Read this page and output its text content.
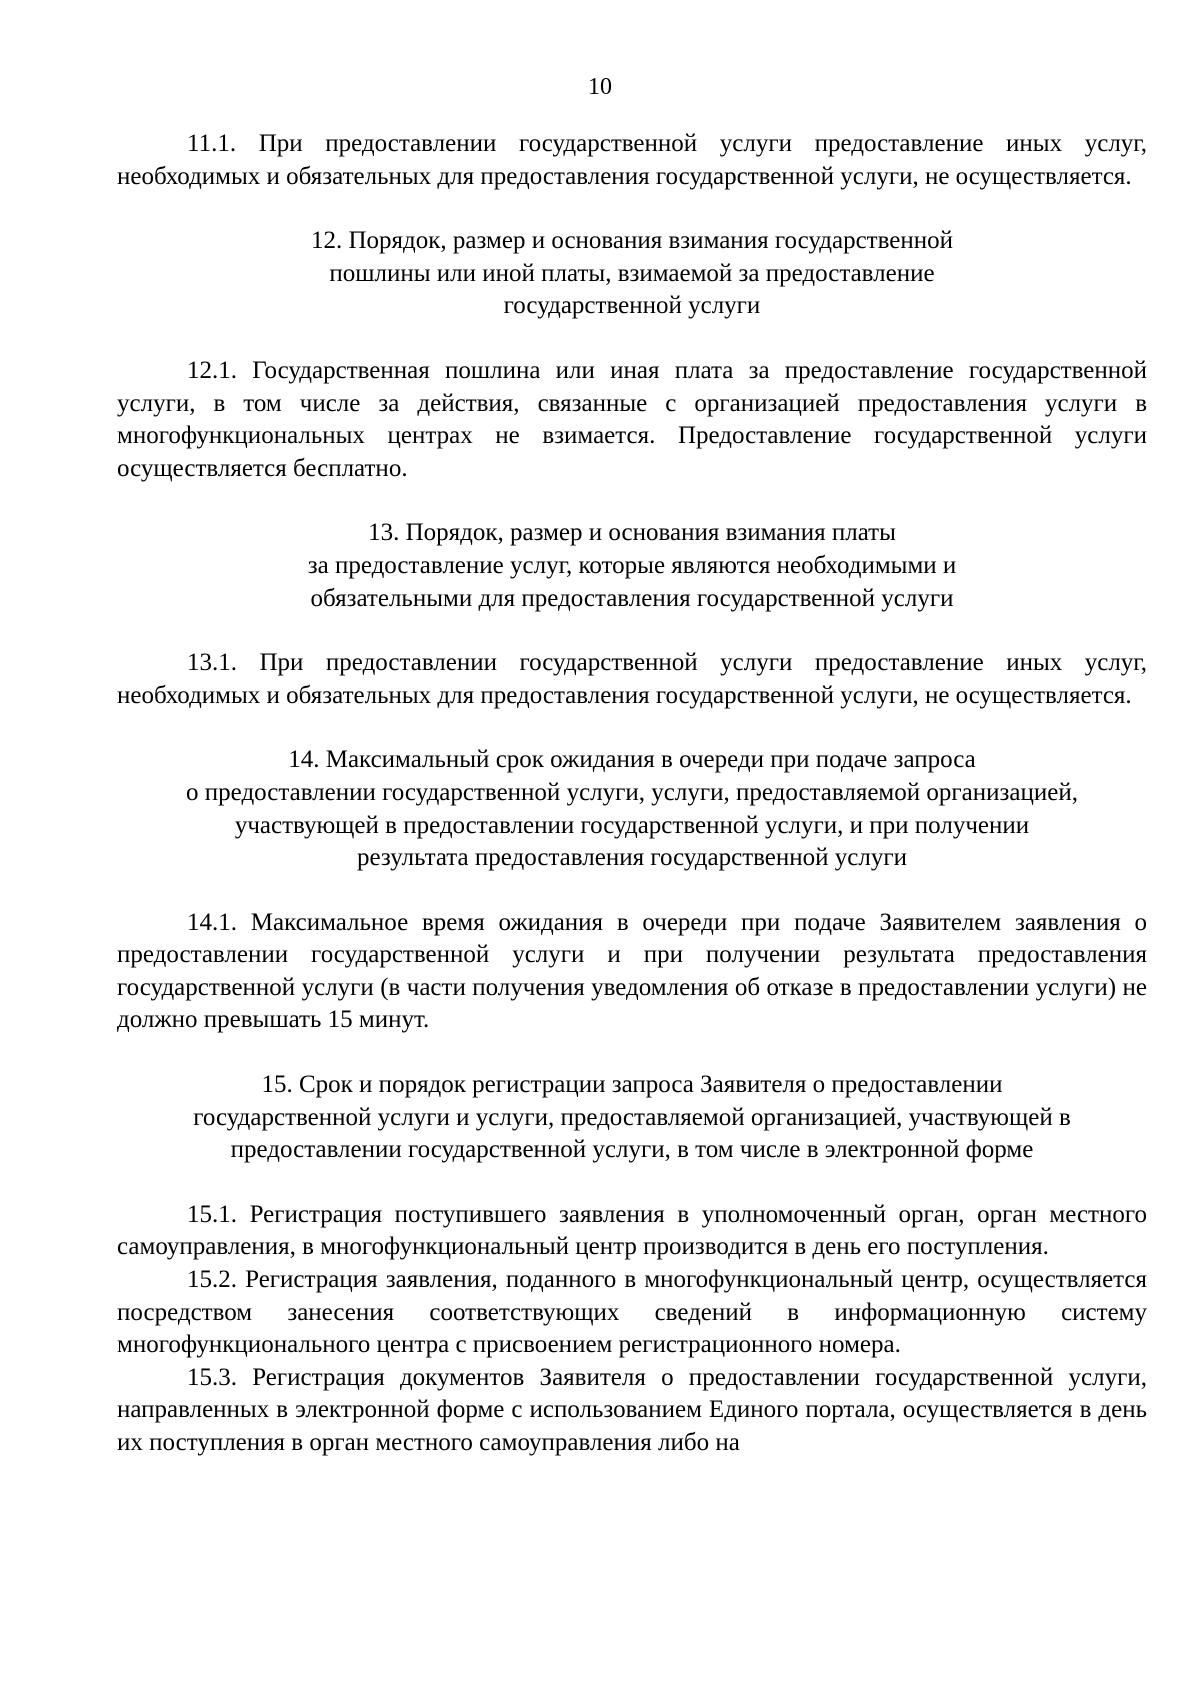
10

11.1. При предоставлении государственной услуги предоставление иных услуг, необходимых и обязательных для предоставления государственной услуги, не осуществляется.

12. Порядок, размер и основания взимания государственной
пошлины или иной платы, взимаемой за предоставление
государственной услуги

12.1. Государственная пошлина или иная плата за предоставление государственной услуги, в том числе за действия, связанные с организацией предоставления услуги в многофункциональных центрах не взимается. Предоставление государственной услуги осуществляется бесплатно.

13. Порядок, размер и основания взимания платы
за предоставление услуг, которые являются необходимыми и
обязательными для предоставления государственной услуги

13.1. При предоставлении государственной услуги предоставление иных услуг, необходимых и обязательных для предоставления государственной услуги, не осуществляется.

14. Максимальный срок ожидания в очереди при подаче запроса
о предоставлении государственной услуги, услуги, предоставляемой организацией,
участвующей в предоставлении государственной услуги, и при получении
результата предоставления государственной услуги

14.1. Максимальное время ожидания в очереди при подаче Заявителем заявления о предоставлении государственной услуги и при получении результата предоставления государственной услуги (в части получения уведомления об отказе в предоставлении услуги) не должно превышать 15 минут.

15. Срок и порядок регистрации запроса Заявителя о предоставлении
государственной услуги и услуги, предоставляемой организацией, участвующей в
предоставлении государственной услуги, в том числе в электронной форме

15.1. Регистрация поступившего заявления в уполномоченный орган, орган местного самоуправления, в многофункциональный центр производится в день его поступления.

15.2. Регистрация заявления, поданного в многофункциональный центр, осуществляется посредством занесения соответствующих сведений в информационную систему многофункционального центра с присвоением регистрационного номера.

15.3. Регистрация документов Заявителя о предоставлении государственной услуги, направленных в электронной форме с использованием Единого портала, осуществляется в день их поступления в орган местного самоуправления либо на
